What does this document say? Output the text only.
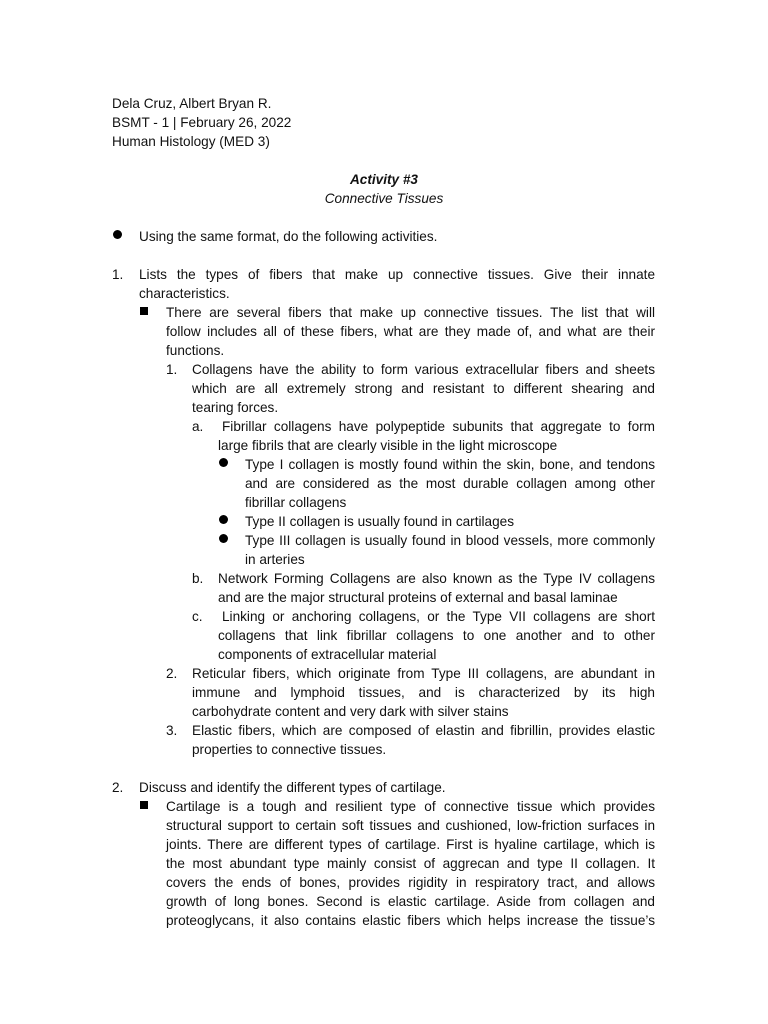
Dela Cruz, Albert Bryan R.
BSMT - 1 | February 26, 2022
Human Histology (MED 3)
Activity #3
Connective Tissues
Using the same format, do the following activities.
1. Lists the types of fibers that make up connective tissues. Give their innate
characteristics.
There are several fibers that make up connective tissues. The list that will
follow includes all of these fibers, what are they made of, and what are their
functions.
1. Collagens have the ability to form various extracellular fibers and sheets
which are all extremely strong and resistant to different shearing and
tearing forces.
a. Fibrillar collagens have polypeptide subunits that aggregate to form
large fibrils that are clearly visible in the light microscope
Type I collagen is mostly found within the skin, bone, and tendons
and are considered as the most durable collagen among other
fibrillar collagens
Type II collagen is usually found in cartilages
Type III collagen is usually found in blood vessels, more commonly
in arteries
b. Network Forming Collagens are also known as the Type IV collagens
and are the major structural proteins of external and basal laminae
c. Linking or anchoring collagens, or the Type VII collagens are short
collagens that link fibrillar collagens to one another and to other
components of extracellular material
2. Reticular fibers, which originate from Type III collagens, are abundant in
immune and lymphoid tissues, and is characterized by its high
carbohydrate content and very dark with silver stains
3. Elastic fibers, which are composed of elastin and fibrillin, provides elastic
properties to connective tissues.
2. Discuss and identify the different types of cartilage.
Cartilage is a tough and resilient type of connective tissue which provides
structural support to certain soft tissues and cushioned, low-friction surfaces in
joints. There are different types of cartilage. First is hyaline cartilage, which is
the most abundant type mainly consist of aggrecan and type II collagen. It
covers the ends of bones, provides rigidity in respiratory tract, and allows
growth of long bones. Second is elastic cartilage. Aside from collagen and
proteoglycans, it also contains elastic fibers which helps increase the tissue’s
